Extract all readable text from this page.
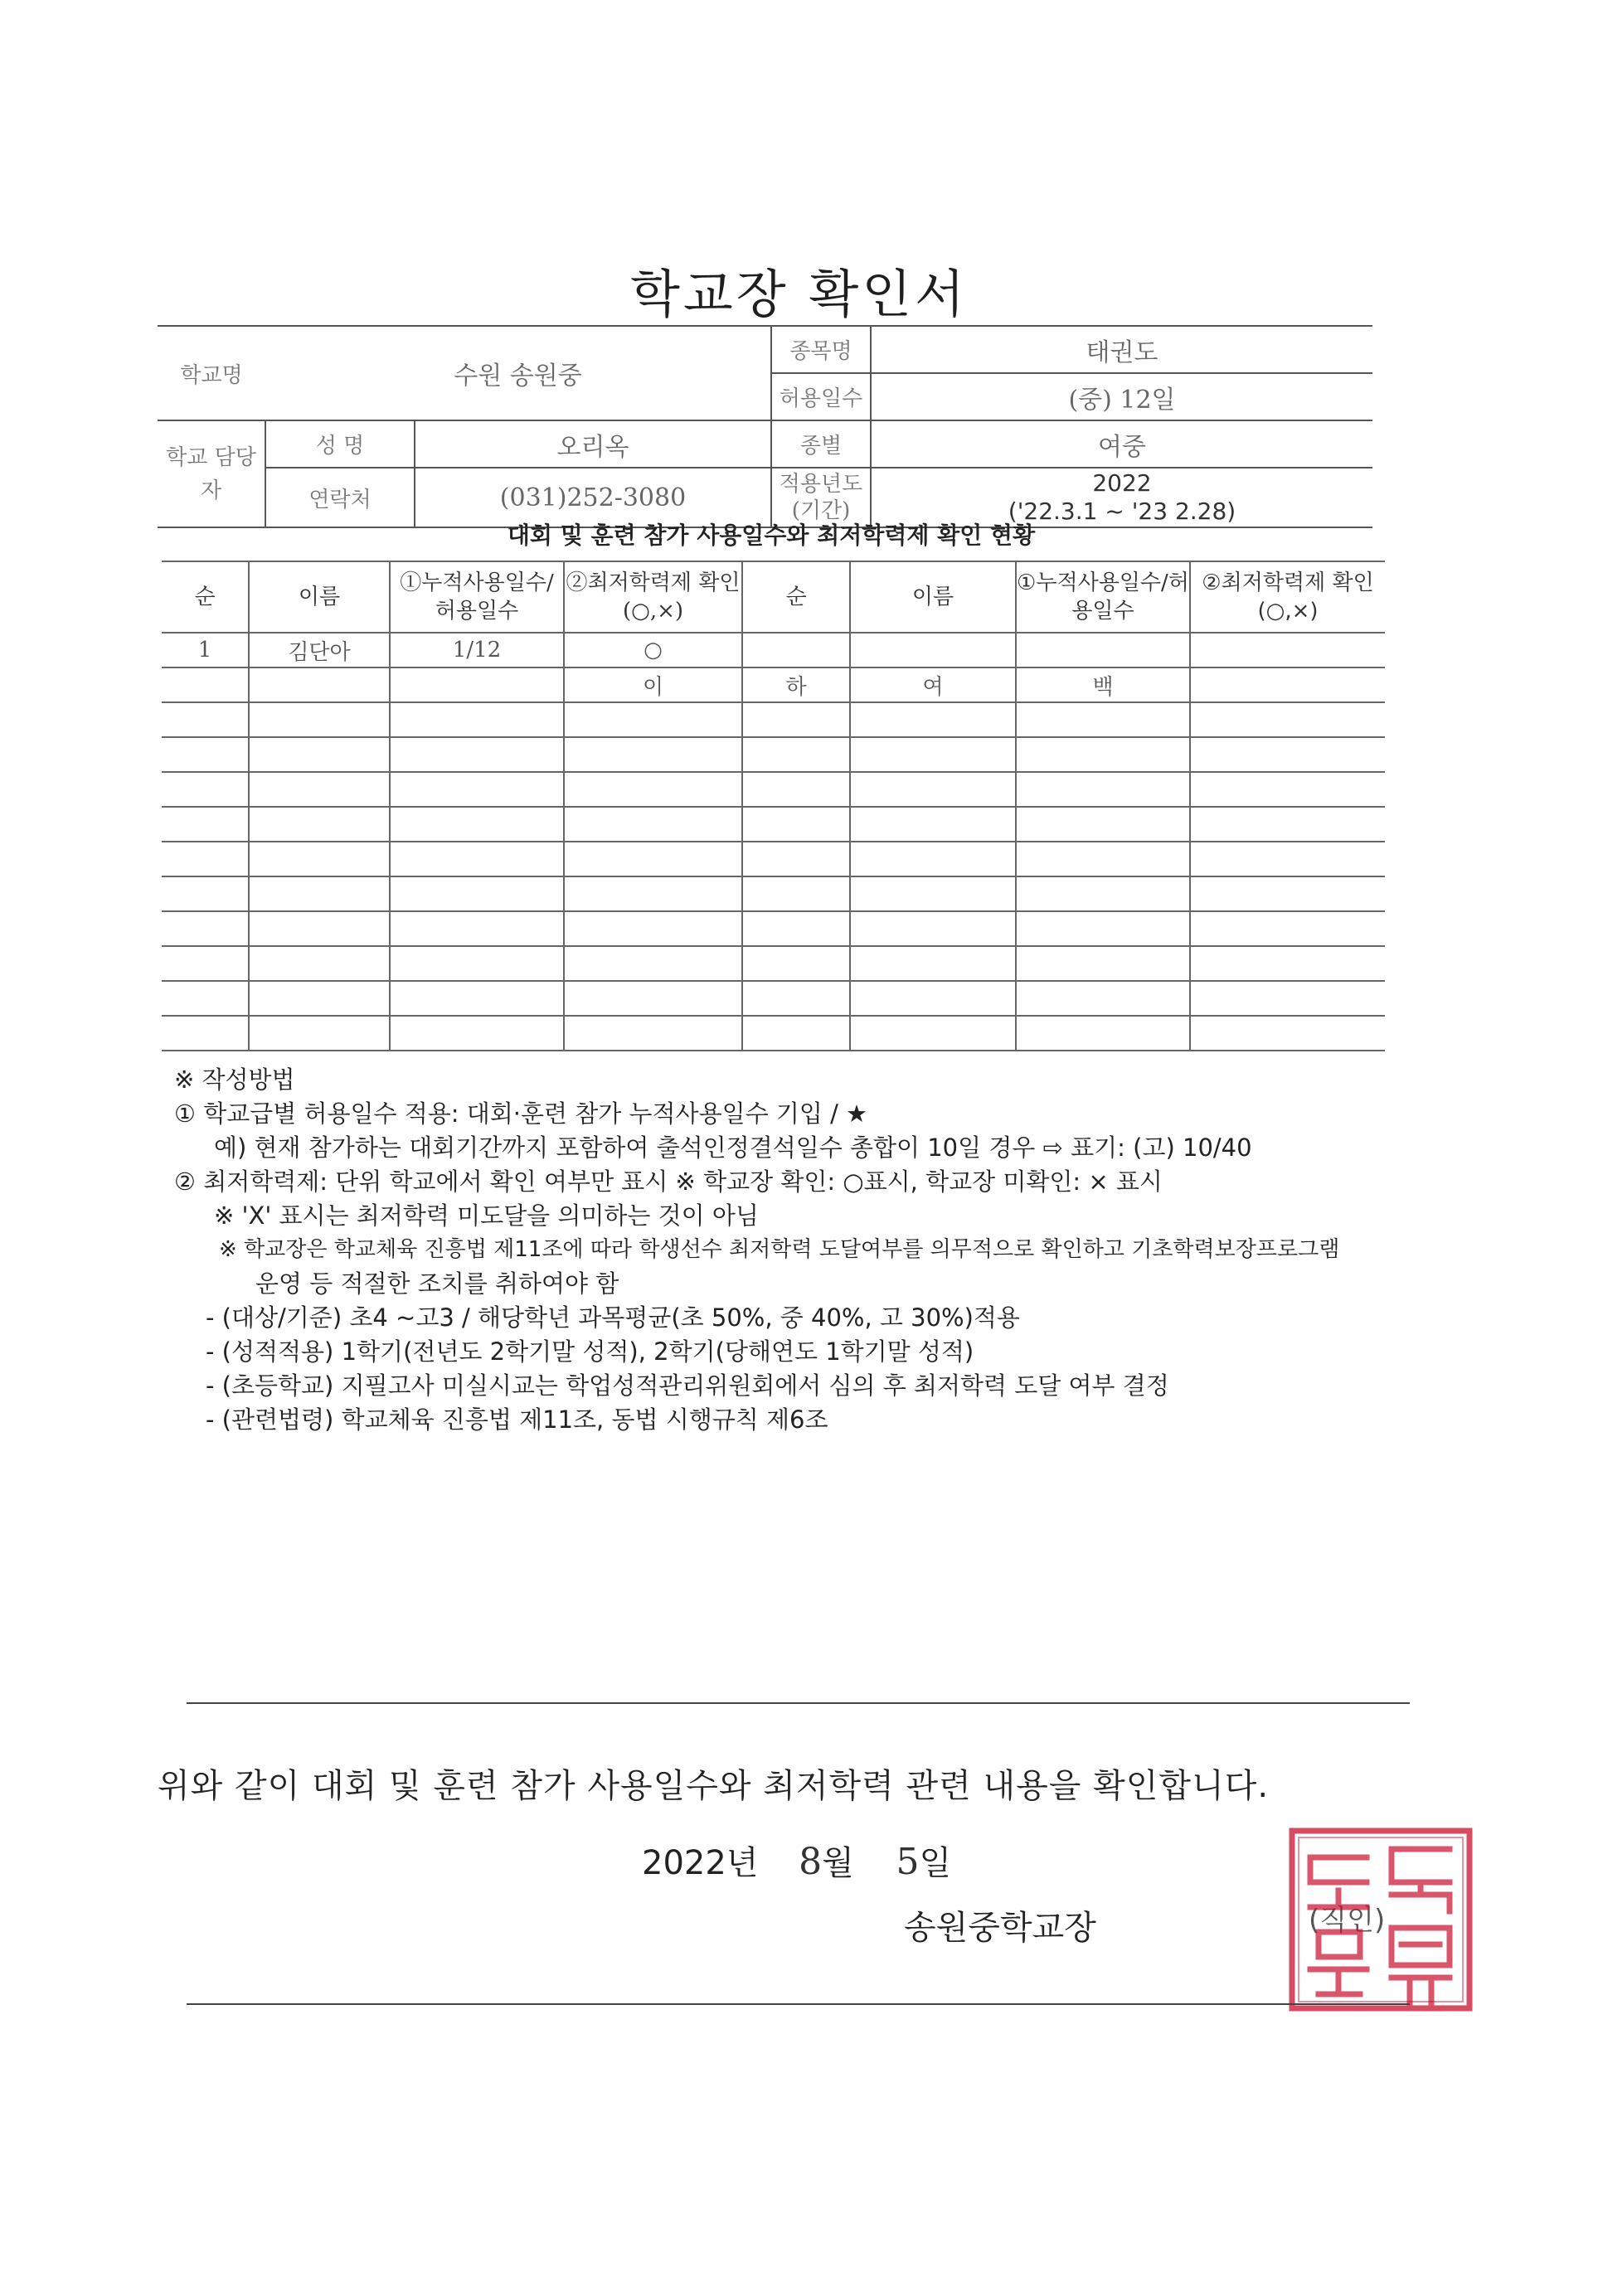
학교장 확인서
학교명	수원 송원중		종목명	태권도
			허용일수	(중) 12일
학교 담당자	성 명	오리옥	종별	여중
	연락처	(031)252-3080	적용년도 (기간)	2022
('22.3.1 ~ '23 2.28)
대회 및 훈련 참가 사용일수와 최저학력제 확인 현황
순	이름	①누적사용일수/허용일수	②최저학력제 확인(○,×)	순	이름	①누적사용일수/허용일수	②최저학력제 확인(○,×)
1	김단아	1/12	○				
			이	하	여	백	

※ 작성방법
① 학교급별 허용일수 적용: 대회·훈련 참가 누적사용일수 기입 / ★
예) 현재 참가하는 대회기간까지 포함하여 출석인정결석일수 총합이 10일 경우 ⇨ 표기: (고) 10/40
② 최저학력제: 단위 학교에서 확인 여부만 표시 ※ 학교장 확인: ○표시, 학교장 미확인: × 표시
※ 'X' 표시는 최저학력 미도달을 의미하는 것이 아님
※ 학교장은 학교체육 진흥법 제11조에 따라 학생선수 최저학력 도달여부를 의무적으로 확인하고 기초학력보장프로그램
운영 등 적절한 조치를 취하여야 함
- (대상/기준) 초4 ~고3 / 해당학년 과목평균(초 50%, 중 40%, 고 30%)적용
- (성적적용) 1학기(전년도 2학기말 성적), 2학기(당해연도 1학기말 성적)
- (초등학교) 지필고사 미실시교는 학업성적관리위원회에서 심의 후 최저학력 도달 여부 결정
- (관련법령) 학교체육 진흥법 제11조, 동법 시행규칙 제6조
위와 같이 대회 및 훈련 참가 사용일수와 최저학력 관련 내용을 확인합니다.
2022년 8월 5일
송원중학교장	(직인)
